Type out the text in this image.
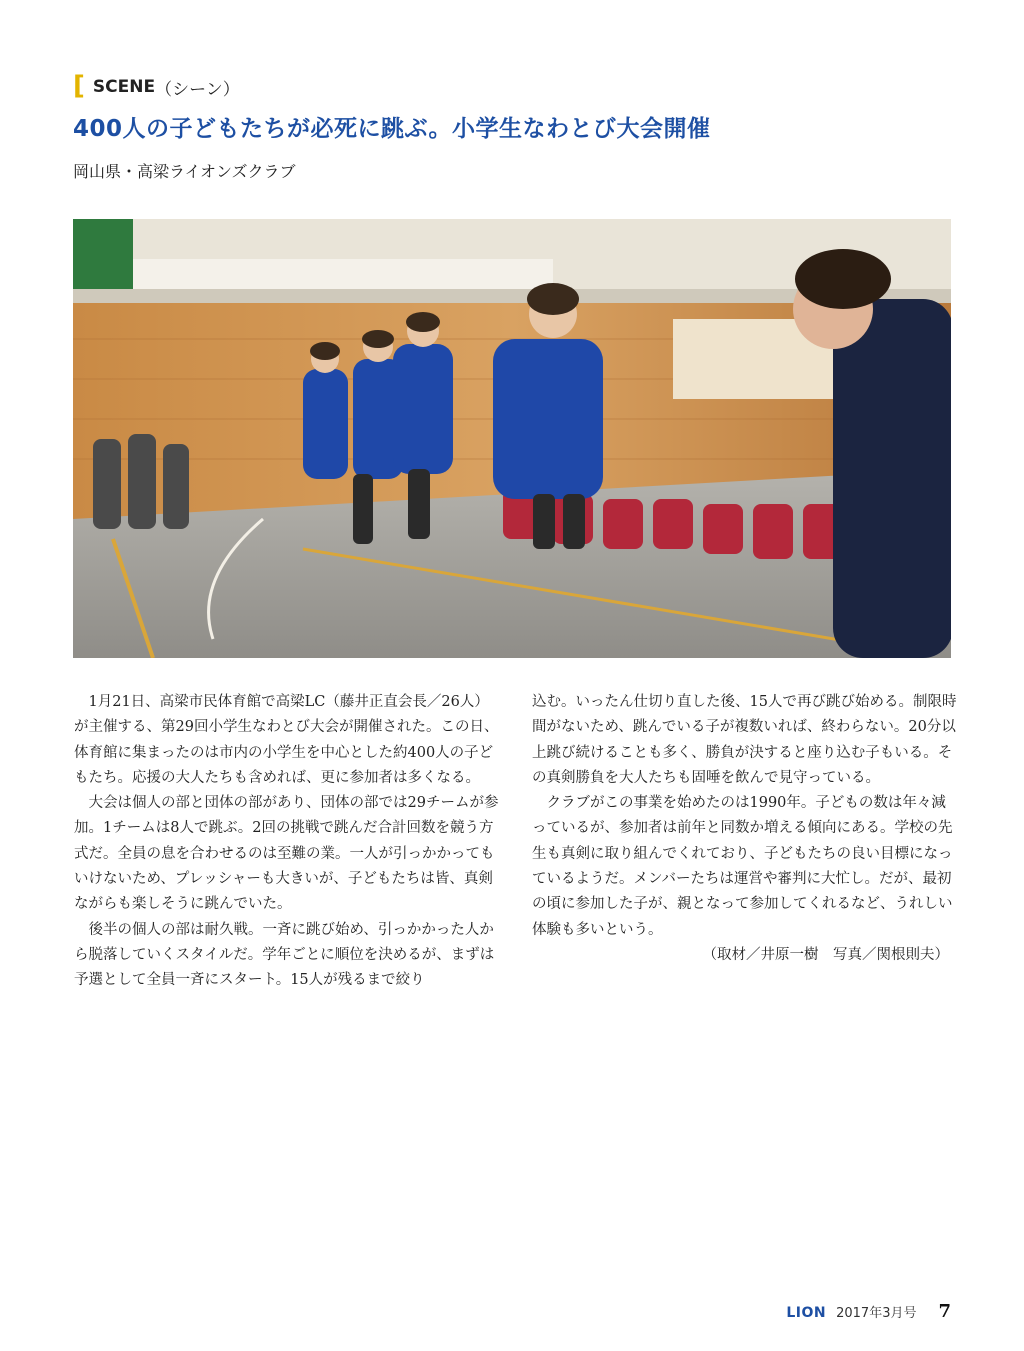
[ SCENE （シーン）
400人の子どもたちが必死に跳ぶ。小学生なわとび大会開催
岡山県・高梁ライオンズクラブ

1月21日、高梁市民体育館で高梁LC（藤井正直会長／26人）が主催する、第29回小学生なわとび大会が開催された。この日、体育館に集まったのは市内の小学生を中心とした約400人の子どもたち。応援の大人たちも含めれば、更に参加者は多くなる。

大会は個人の部と団体の部があり、団体の部では29チームが参加。1チームは8人で跳ぶ。2回の挑戦で跳んだ合計回数を競う方式だ。全員の息を合わせるのは至難の業。一人が引っかかってもいけないため、プレッシャーも大きいが、子どもたちは皆、真剣ながらも楽しそうに跳んでいた。

後半の個人の部は耐久戦。一斉に跳び始め、引っかかった人から脱落していくスタイルだ。学年ごとに順位を決めるが、まずは予選として全員一斉にスタート。15人が残るまで絞り

込む。いったん仕切り直した後、15人で再び跳び始める。制限時間がないため、跳んでいる子が複数いれば、終わらない。20分以上跳び続けることも多く、勝負が決すると座り込む子もいる。その真剣勝負を大人たちも固唾を飲んで見守っている。

クラブがこの事業を始めたのは1990年。子どもの数は年々減っているが、参加者は前年と同数か増える傾向にある。学校の先生も真剣に取り組んでくれており、子どもたちの良い目標になっているようだ。メンバーたちは運営や審判に大忙し。だが、最初の頃に参加した子が、親となって参加してくれるなど、うれしい体験も多いという。

（取材／井原一樹　写真／関根則夫）

LION 2017年3月号 7
